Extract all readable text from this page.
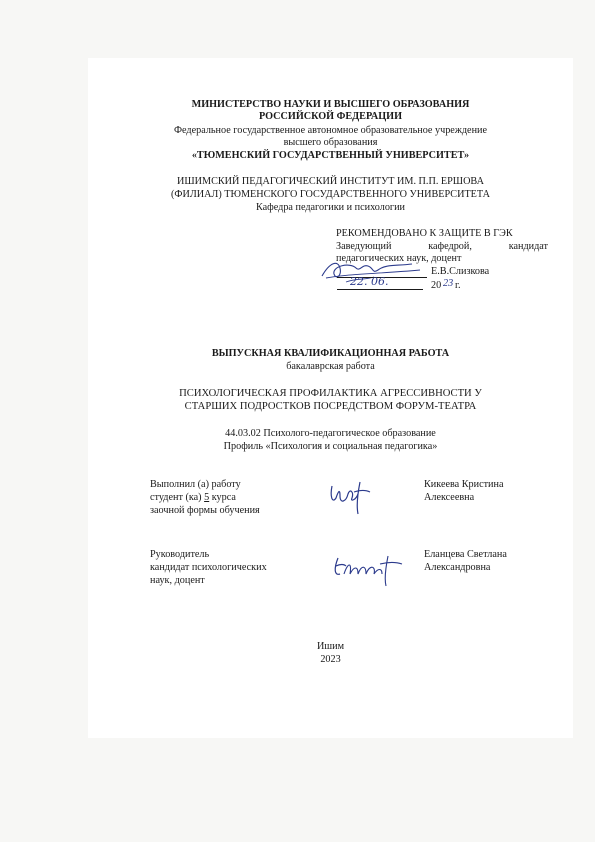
МИНИСТЕРСТВО НАУКИ И ВЫСШЕГО ОБРАЗОВАНИЯ
РОССИЙСКОЙ ФЕДЕРАЦИИ
Федеральное государственное автономное образовательное учреждение
высшего образования
«ТЮМЕНСКИЙ ГОСУДАРСТВЕННЫЙ УНИВЕРСИТЕТ»
ИШИМСКИЙ ПЕДАГОГИЧЕСКИЙ ИНСТИТУТ ИМ. П.П. ЕРШОВА
(ФИЛИАЛ) ТЮМЕНСКОГО ГОСУДАРСТВЕННОГО УНИВЕРСИТЕТА
Кафедра педагогики и психологии
РЕКОМЕНДОВАНО К ЗАЩИТЕ В ГЭК
Заведующий	кафедрой,	кандидат
педагогических наук, доцент
Е.В.Слизкова
22. 06.	20 23 г.
ВЫПУСКНАЯ КВАЛИФИКАЦИОННАЯ РАБОТА
бакалаврская работа
ПСИХОЛОГИЧЕСКАЯ ПРОФИЛАКТИКА АГРЕССИВНОСТИ У
СТАРШИХ ПОДРОСТКОВ ПОСРЕДСТВОМ ФОРУМ-ТЕАТРА
44.03.02 Психолого-педагогическое образование
Профиль «Психология и социальная педагогика»
Выполнил (а) работу
студент (ка) 5 курса
заочной формы обучения
Кикеева Кристина
Алексеевна
Руководитель
кандидат психологических
наук, доцент
Еланцева Светлана
Александровна
Ишим
2023
